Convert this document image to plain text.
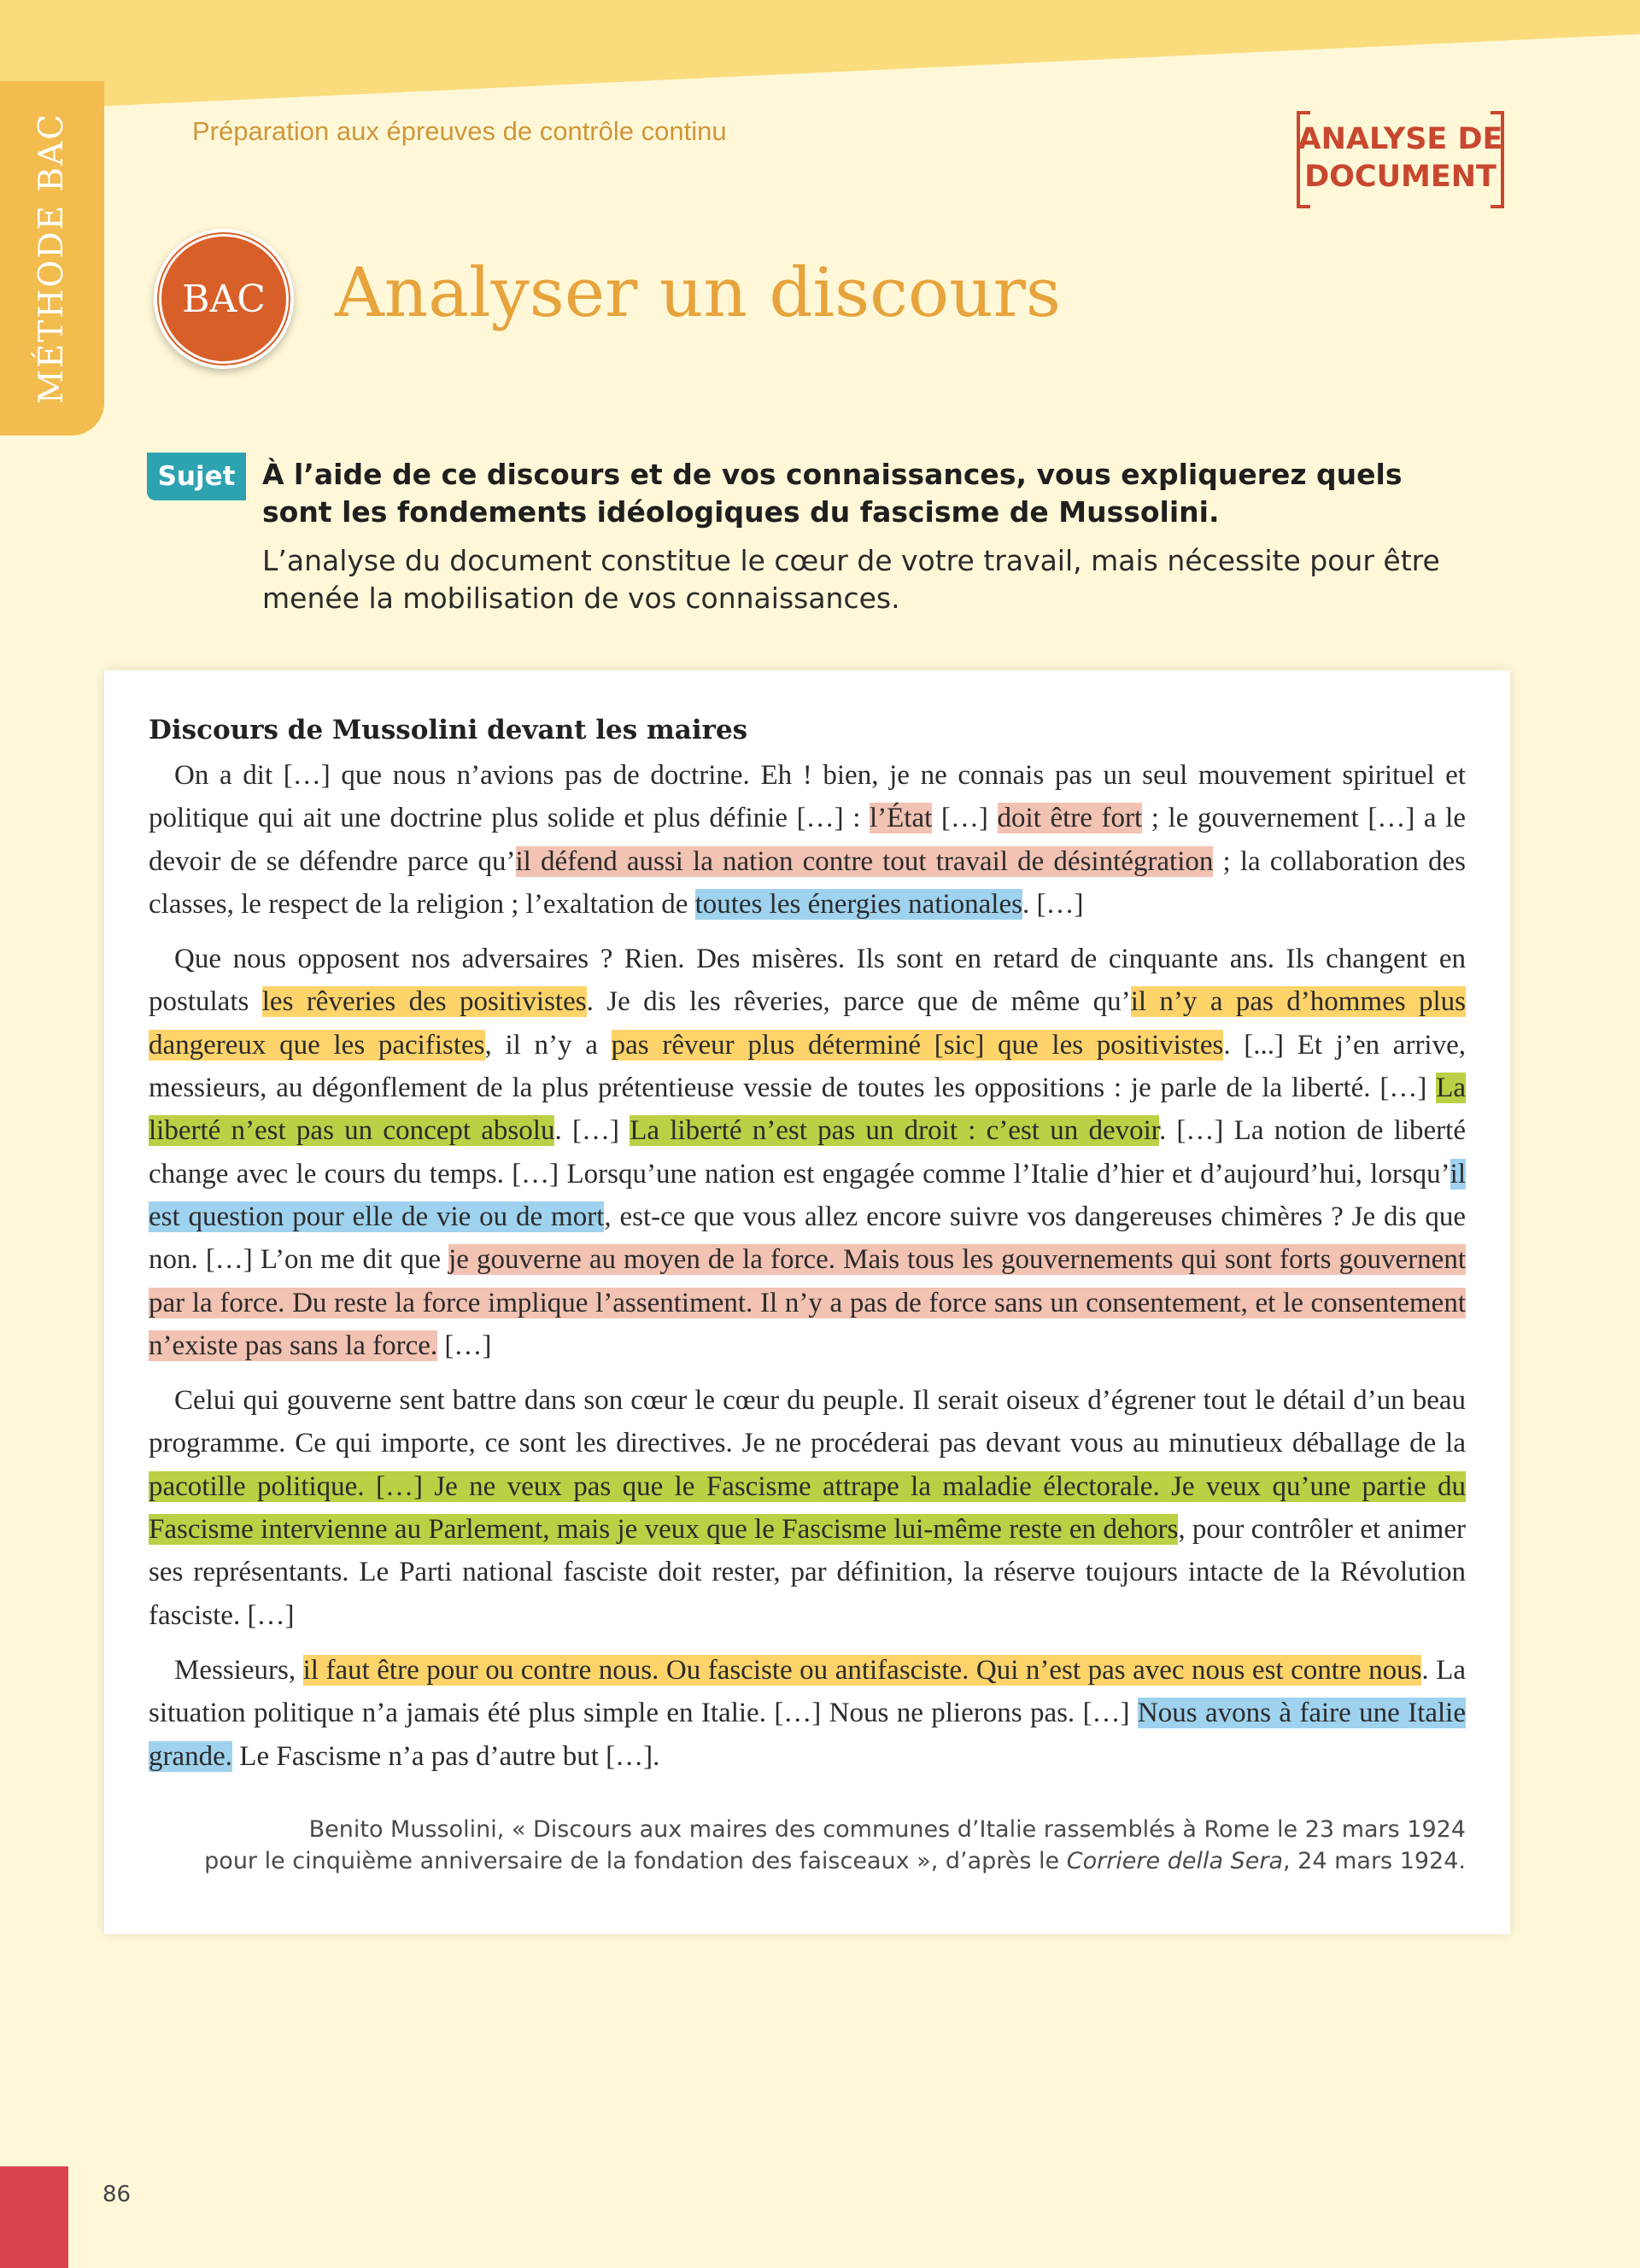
MÉTHODE BAC	Préparation aux épreuves de contrôle continu	ANALYSE DE
DOCUMENT
BAC	Analyser un discours
Sujet À l’aide de ce discours et de vos connaissances, vous expliquerez quels sont les fondements idéologiques du fascisme de Mussolini.
L’analyse du document constitue le cœur de votre travail, mais nécessite pour être menée la mobilisation de vos connaissances.
Discours de Mussolini devant les maires

On a dit […] que nous n’avions pas de doctrine. Eh ! bien, je ne connais pas un seul mouvement spirituel et politique qui ait une doctrine plus solide et plus définie […] : l’État […] doit être fort ; le gouvernement […] a le devoir de se défendre parce qu’il défend aussi la nation contre tout travail de désintégration ; la collaboration des classes, le respect de la religion ; l’exaltation de toutes les énergies nationales. […]

Que nous opposent nos adversaires ? Rien. Des misères. Ils sont en retard de cinquante ans. Ils changent en postulats les rêveries des positivistes. Je dis les rêveries, parce que de même qu’il n’y a pas d’hommes plus dangereux que les pacifistes, il n’y a pas rêveur plus déterminé [sic] que les positivistes. [...] Et j’en arrive, messieurs, au dégonflement de la plus prétentieuse vessie de toutes les oppositions : je parle de la liberté. […] La liberté n’est pas un concept absolu. […] La liberté n’est pas un droit : c’est un devoir. […] La notion de liberté change avec le cours du temps. […] Lorsqu’une nation est engagée comme l’Italie d’hier et d’aujourd’hui, lorsqu’il est question pour elle de vie ou de mort, est-ce que vous allez encore suivre vos dangereuses chimères ? Je dis que non. […] L’on me dit que je gouverne au moyen de la force. Mais tous les gouvernements qui sont forts gouvernent par la force. Du reste la force implique l’assentiment. Il n’y a pas de force sans un consentement, et le consentement n’existe pas sans la force. […]

Celui qui gouverne sent battre dans son cœur le cœur du peuple. Il serait oiseux d’égrener tout le détail d’un beau programme. Ce qui importe, ce sont les directives. Je ne procéderai pas devant vous au minutieux déballage de la pacotille politique. […] Je ne veux pas que le Fascisme attrape la maladie électorale. Je veux qu’une partie du Fascisme intervienne au Parlement, mais je veux que le Fascisme lui-même reste en dehors, pour contrôler et animer ses représentants. Le Parti national fasciste doit rester, par définition, la réserve toujours intacte de la Révolution fasciste. […]

Messieurs, il faut être pour ou contre nous. Ou fasciste ou antifasciste. Qui n’est pas avec nous est contre nous. La situation politique n’a jamais été plus simple en Italie. […] Nous ne plierons pas. […] Nous avons à faire une Italie grande. Le Fascisme n’a pas d’autre but […].

Benito Mussolini, « Discours aux maires des communes d’Italie rassemblés à Rome le 23 mars 1924
pour le cinquième anniversaire de la fondation des faisceaux », d’après le Corriere della Sera, 24 mars 1924.
86
